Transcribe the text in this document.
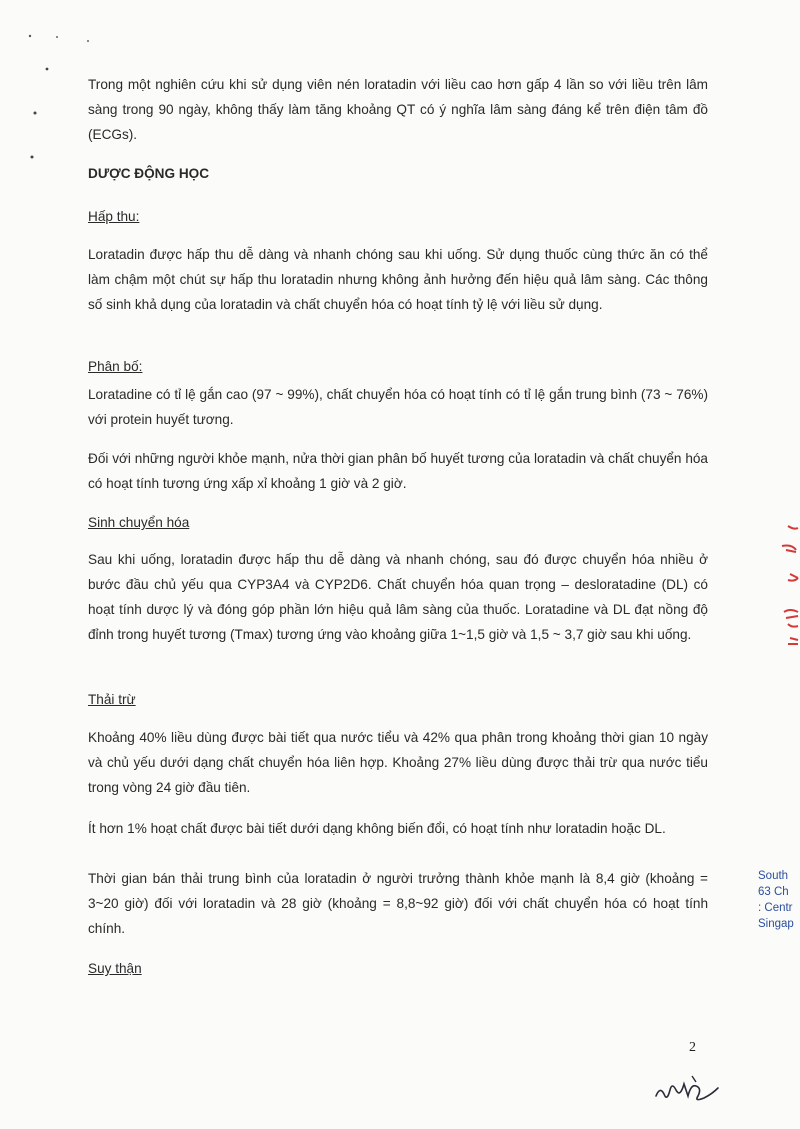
Trong một nghiên cứu khi sử dụng viên nén loratadin với liều cao hơn gấp 4 lần so với liều trên lâm sàng trong 90 ngày, không thấy làm tăng khoảng QT có ý nghĩa lâm sàng đáng kể trên điện tâm đồ (ECGs).
DƯỢC ĐỘNG HỌC
Hấp thu:
Loratadin được hấp thu dễ dàng và nhanh chóng sau khi uống. Sử dụng thuốc cùng thức ăn có thể làm chậm một chút sự hấp thu loratadin nhưng không ảnh hưởng đến hiệu quả lâm sàng. Các thông số sinh khả dụng của loratadin và chất chuyển hóa có hoạt tính tỷ lệ với liều sử dụng.
Phân bố:
Loratadine có tỉ lệ gắn cao (97 ~ 99%), chất chuyển hóa có hoạt tính có tỉ lệ gắn trung bình (73 ~ 76%) với protein huyết tương.
Đối với những người khỏe mạnh, nửa thời gian phân bố huyết tương của loratadin và chất chuyển hóa có hoạt tính tương ứng xấp xỉ khoảng 1 giờ và 2 giờ.
Sinh chuyển hóa
Sau khi uống, loratadin được hấp thu dễ dàng và nhanh chóng, sau đó được chuyển hóa nhiều ở bước đầu chủ yếu qua CYP3A4 và CYP2D6. Chất chuyển hóa quan trọng – desloratadine (DL) có hoạt tính dược lý và đóng góp phần lớn hiệu quả lâm sàng của thuốc. Loratadine và DL đạt nồng độ đỉnh trong huyết tương (Tmax) tương ứng vào khoảng giữa 1~1,5 giờ và 1,5 ~ 3,7 giờ sau khi uống.
Thải trừ
Khoảng 40% liều dùng được bài tiết qua nước tiểu và 42% qua phân trong khoảng thời gian 10 ngày và chủ yếu dưới dạng chất chuyển hóa liên hợp. Khoảng 27% liều dùng được thải trừ qua nước tiểu trong vòng 24 giờ đầu tiên.
Ít hơn 1% hoạt chất được bài tiết dưới dạng không biến đổi, có hoạt tính như loratadin hoặc DL.
Thời gian bán thải trung bình của loratadin ở người trưởng thành khỏe mạnh là 8,4 giờ (khoảng = 3~20 giờ) đối với loratadin và 28 giờ (khoảng = 8,8~92 giờ) đối với chất chuyển hóa có hoạt tính chính.
Suy thận
South
63 Ch
: Centr
Singap
2
